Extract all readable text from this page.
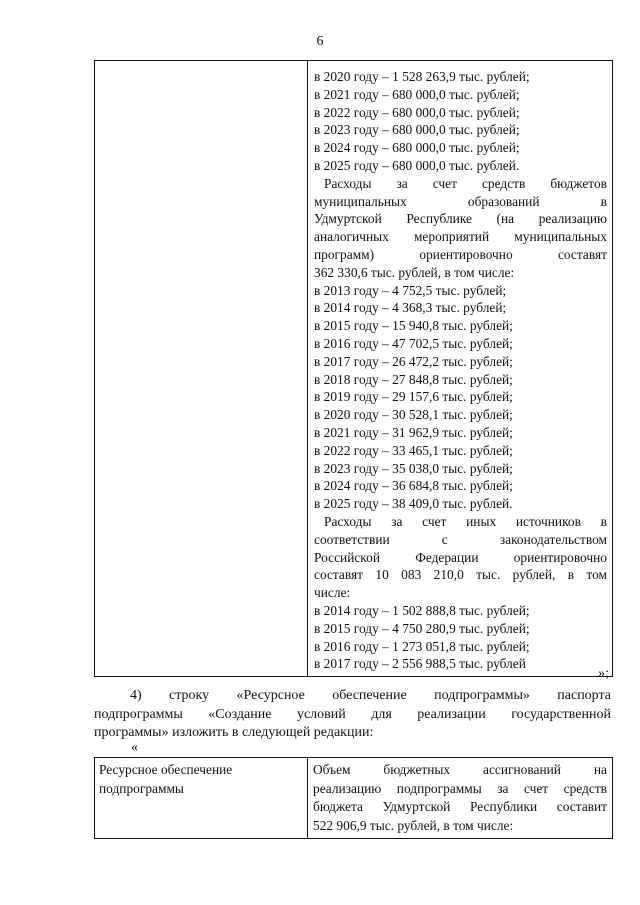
6

в 2020 году – 1 528 263,9 тыс. рублей;
в 2021 году – 680 000,0 тыс. рублей;
в 2022 году – 680 000,0 тыс. рублей;
в 2023 году – 680 000,0 тыс. рублей;
в 2024 году – 680 000,0 тыс. рублей;
в 2025 году – 680 000,0 тыс. рублей.
Расходы за счет средств бюджетов
муниципальных образований в
Удмуртской Республике (на реализацию
аналогичных мероприятий муниципальных
программ) ориентировочно составят
362 330,6 тыс. рублей, в том числе:
в 2013 году – 4 752,5 тыс. рублей;
в 2014 году – 4 368,3 тыс. рублей;
в 2015 году – 15 940,8 тыс. рублей;
в 2016 году – 47 702,5 тыс. рублей;
в 2017 году – 26 472,2 тыс. рублей;
в 2018 году – 27 848,8 тыс. рублей;
в 2019 году – 29 157,6 тыс. рублей;
в 2020 году – 30 528,1 тыс. рублей;
в 2021 году – 31 962,9 тыс. рублей;
в 2022 году – 33 465,1 тыс. рублей;
в 2023 году – 35 038,0 тыс. рублей;
в 2024 году – 36 684,8 тыс. рублей;
в 2025 году – 38 409,0 тыс. рублей.
Расходы за счет иных источников в
соответствии с законодательством
Российской Федерации ориентировочно
составят 10 083 210,0 тыс. рублей, в том
числе:
в 2014 году – 1 502 888,8 тыс. рублей;
в 2015 году – 4 750 280,9 тыс. рублей;
в 2016 году – 1 273 051,8 тыс. рублей;
в 2017 году – 2 556 988,5 тыс. рублей
»;
4) строку «Ресурсное обеспечение подпрограммы» паспорта
подпрограммы «Создание условий для реализации государственной
программы» изложить в следующей редакции:
«
Ресурсное обеспечение
подпрограммы

Объем бюджетных ассигнований на
реализацию подпрограммы за счет средств
бюджета Удмуртской Республики составит
522 906,9 тыс. рублей, в том числе:
